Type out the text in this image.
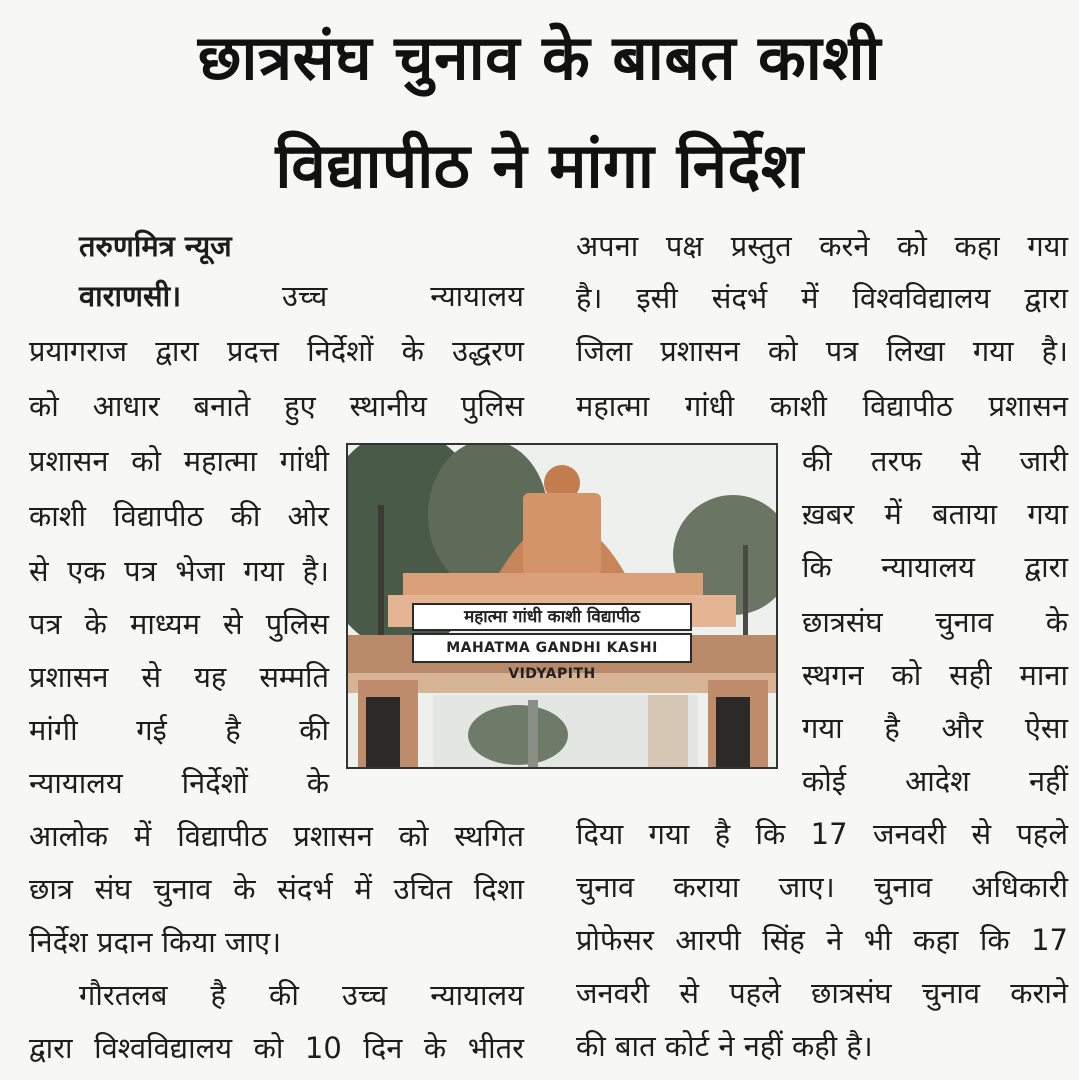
छात्रसंघ चुनाव के बाबत काशी
विद्यापीठ ने मांगा निर्देश
तरुणमित्र न्यूज
वाराणसी।	उच्च न्यायालय
प्रयागराज द्वारा प्रदत्त निर्देशों के उद्धरण
को आधार बनाते हुए स्थानीय पुलिस
प्रशासन को महात्मा गांधी
काशी विद्यापीठ की ओर
से एक पत्र भेजा गया है।
पत्र के माध्यम से पुलिस
प्रशासन से यह सम्मति
मांगी गई है की
न्यायालय निर्देशों के
आलोक में विद्यापीठ प्रशासन को स्थगित
छात्र संघ चुनाव के संदर्भ में उचित दिशा
निर्देश प्रदान किया जाए।
गौरतलब है की उच्च न्यायालय
द्वारा विश्वविद्यालय को 10 दिन के भीतर
अपना पक्ष प्रस्तुत करने को कहा गया
है। इसी संदर्भ में विश्वविद्यालय द्वारा
जिला प्रशासन को पत्र लिखा गया है।
महात्मा गांधी काशी विद्यापीठ प्रशासन
की तरफ से जारी
ख़बर में बताया गया
कि न्यायालय द्वारा
छात्रसंघ चुनाव के
स्थगन को सही माना
गया है और ऐसा
कोई आदेश नहीं
दिया गया है कि 17 जनवरी से पहले
चुनाव कराया जाए। चुनाव अधिकारी
प्रोफेसर आरपी सिंह ने भी कहा कि 17
जनवरी से पहले छात्रसंघ चुनाव कराने
की बात कोर्ट ने नहीं कही है।
महात्मा गांधी काशी विद्यापीठ
MAHATMA GANDHI KASHI VIDYAPITH
